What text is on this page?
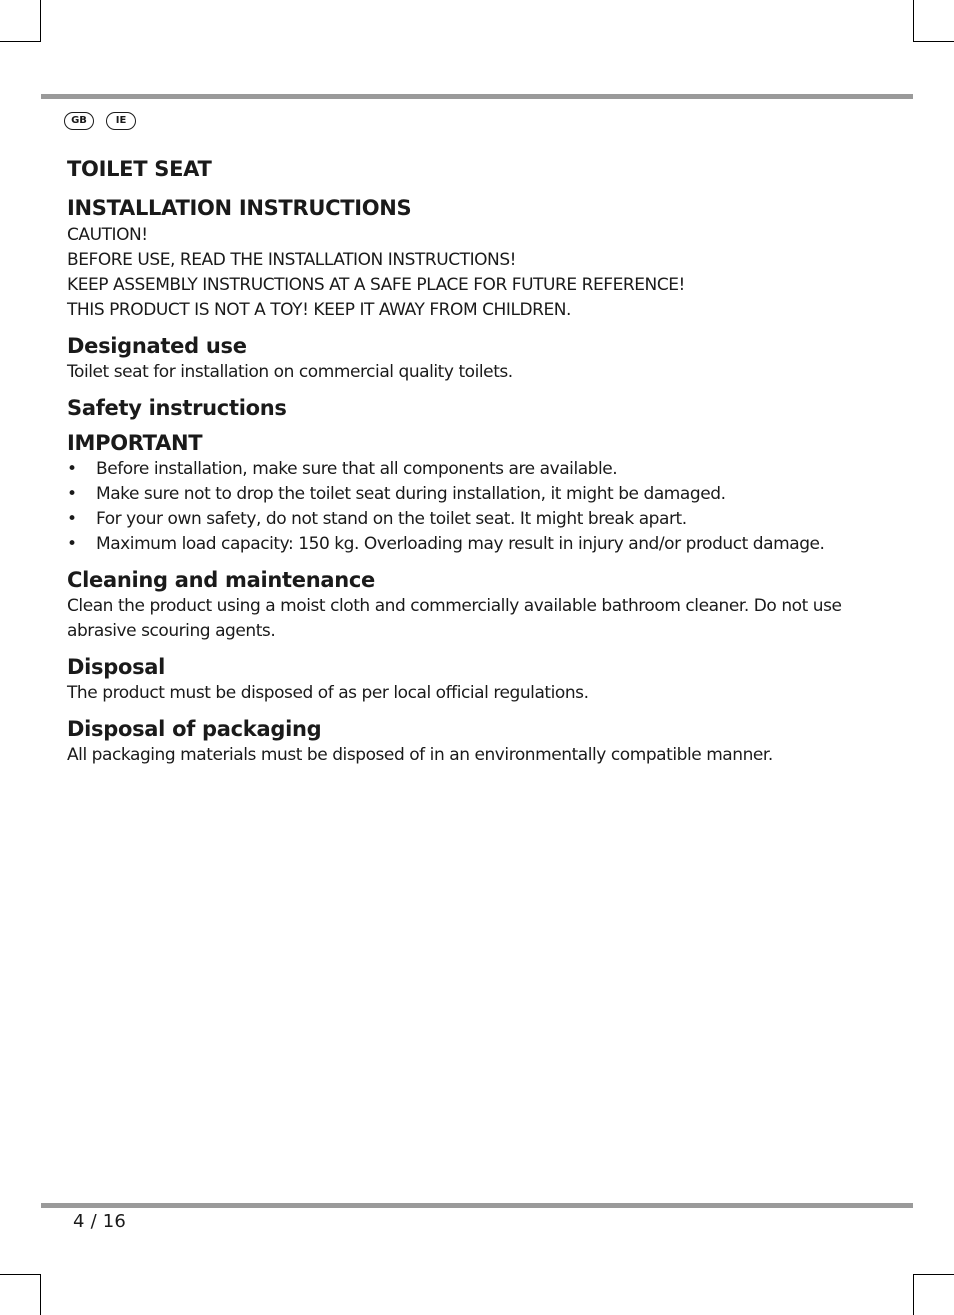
GB	IE
TOILET SEAT
INSTALLATION INSTRUCTIONS

CAUTION!

BEFORE USE, READ THE INSTALLATION INSTRUCTIONS!

KEEP ASSEMBLY INSTRUCTIONS AT A SAFE PLACE FOR FUTURE REFERENCE!

THIS PRODUCT IS NOT A TOY! KEEP IT AWAY FROM CHILDREN.

Designated use

Toilet seat for installation on commercial quality toilets.

Safety instructions
IMPORTANT
• Before installation, make sure that all components are available.
• Make sure not to drop the toilet seat during installation, it might be damaged.
• For your own safety, do not stand on the toilet seat. It might break apart.
• Maximum load capacity: 150 kg. Overloading may result in injury and/or product damage.
Cleaning and maintenance

Clean the product using a moist cloth and commercially available bathroom cleaner. Do not use abrasive scouring agents.

Disposal

The product must be disposed of as per local official regulations.

Disposal of packaging

All packaging materials must be disposed of in an environmentally compatible manner.

4 / 16
